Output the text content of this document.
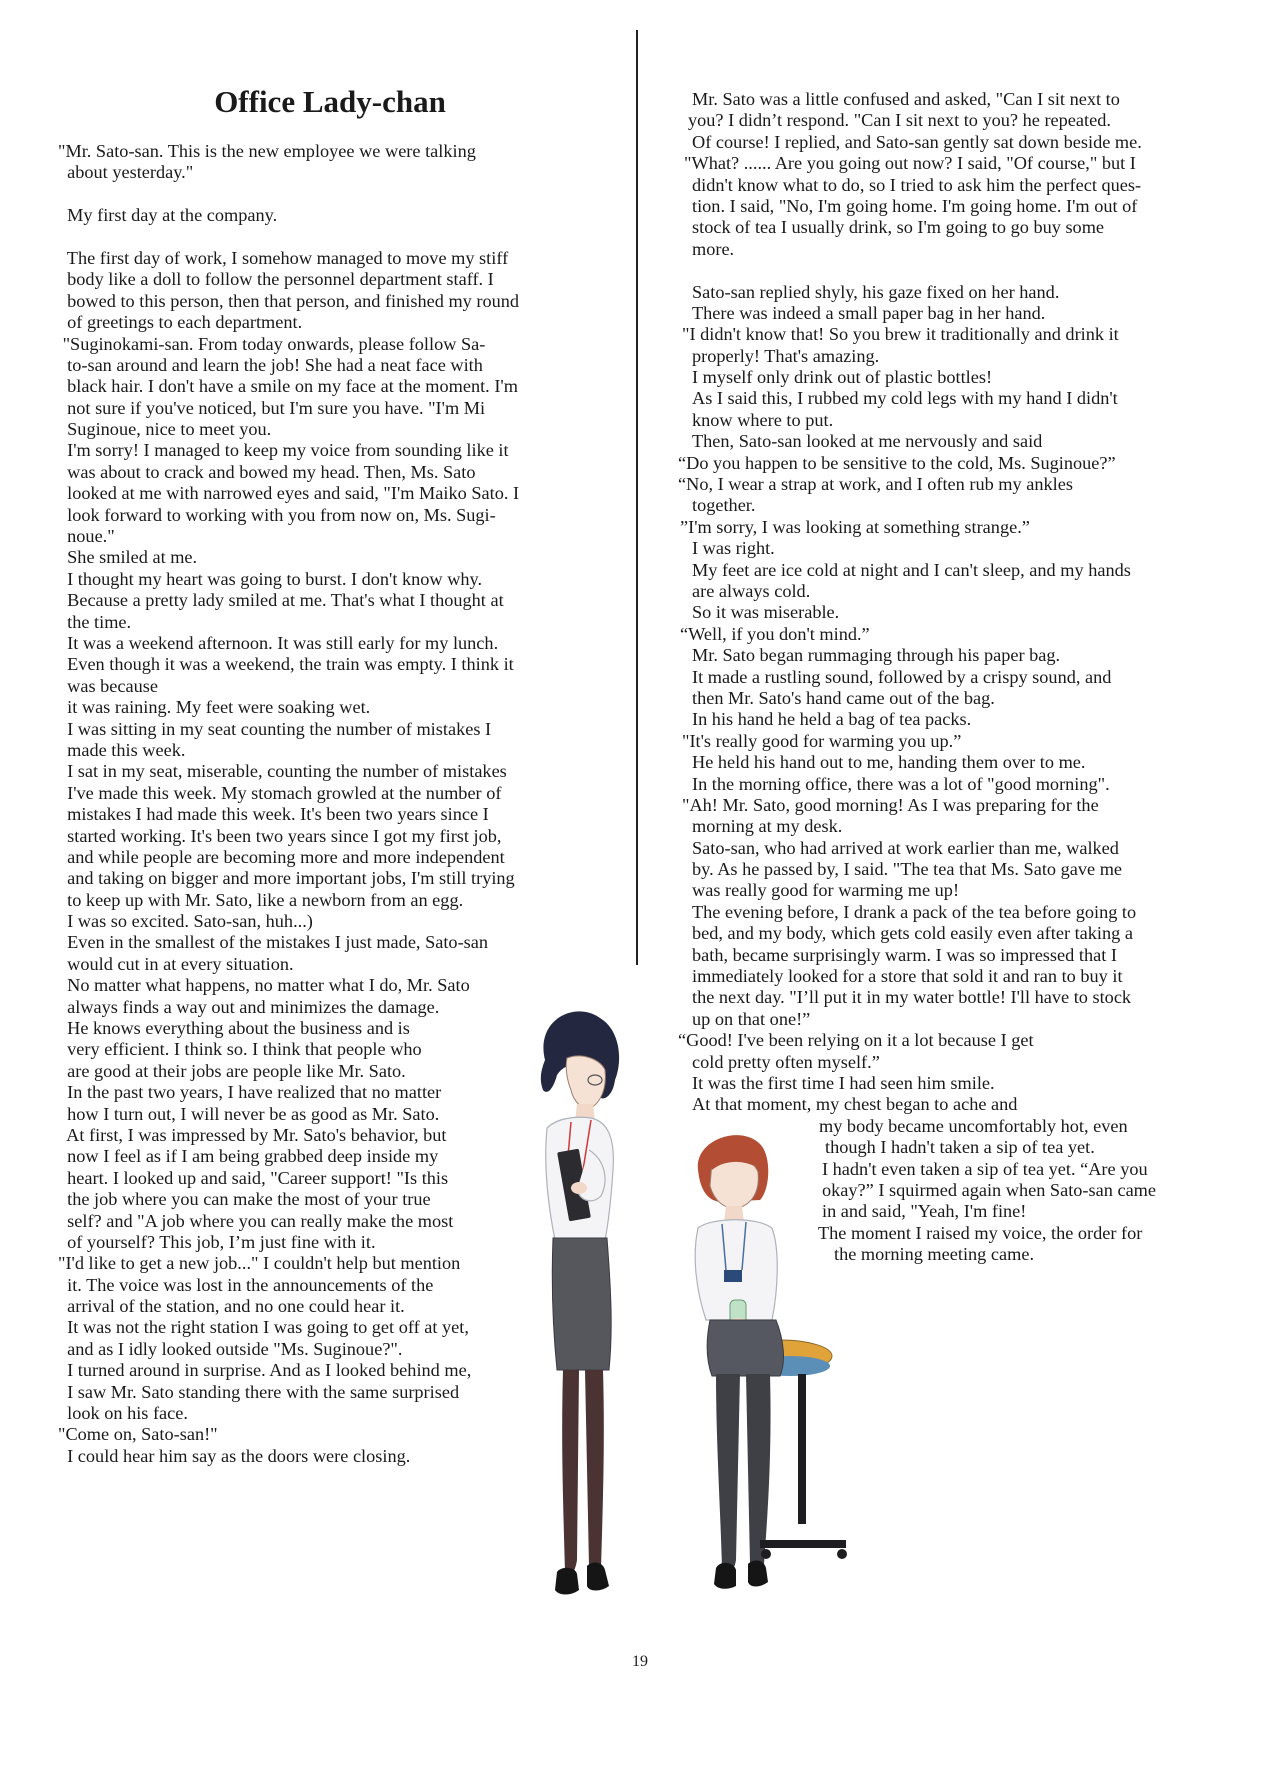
Office Lady-chan
"Mr. Sato-san. This is the new employee we were talking
about yesterday."
My first day at the company.
The first day of work, I somehow managed to move my stiff
body like a doll to follow the personnel department staff. I
bowed to this person, then that person, and finished my round
of greetings to each department.
"Suginokami-san. From today onwards, please follow Sa-
to-san around and learn the job! She had a neat face with
black hair. I don't have a smile on my face at the moment. I'm
not sure if you've noticed, but I'm sure you have. "I'm Mi
Suginoue, nice to meet you.
I'm sorry! I managed to keep my voice from sounding like it
was about to crack and bowed my head. Then, Ms. Sato
looked at me with narrowed eyes and said, "I'm Maiko Sato. I
look forward to working with you from now on, Ms. Sugi-
noue."
She smiled at me.
I thought my heart was going to burst. I don't know why.
Because a pretty lady smiled at me. That's what I thought at
the time.
It was a weekend afternoon. It was still early for my lunch.
Even though it was a weekend, the train was empty. I think it
was because
it was raining. My feet were soaking wet.
I was sitting in my seat counting the number of mistakes I
made this week.
I sat in my seat, miserable, counting the number of mistakes
I've made this week. My stomach growled at the number of
mistakes I had made this week. It's been two years since I
started working. It's been two years since I got my first job,
and while people are becoming more and more independent
and taking on bigger and more important jobs, I'm still trying
to keep up with Mr. Sato, like a newborn from an egg.
I was so excited. Sato-san, huh...)
Even in the smallest of the mistakes I just made, Sato-san
would cut in at every situation.
No matter what happens, no matter what I do, Mr. Sato
always finds a way out and minimizes the damage.
He knows everything about the business and is
very efficient. I think so. I think that people who
are good at their jobs are people like Mr. Sato.
In the past two years, I have realized that no matter
how I turn out, I will never be as good as Mr. Sato.
At first, I was impressed by Mr. Sato's behavior, but
now I feel as if I am being grabbed deep inside my
heart. I looked up and said, "Career support! "Is this
the job where you can make the most of your true
self? and "A job where you can really make the most
of yourself? This job, I’m just fine with it.
"I'd like to get a new job..." I couldn't help but mention
it. The voice was lost in the announcements of the
arrival of the station, and no one could hear it.
It was not the right station I was going to get off at yet,
and as I idly looked outside "Ms. Suginoue?".
I turned around in surprise. And as I looked behind me,
I saw Mr. Sato standing there with the same surprised
look on his face.
"Come on, Sato-san!"
I could hear him say as the doors were closing.
Mr. Sato was a little confused and asked, "Can I sit next to
you? I didn’t respond. "Can I sit next to you? he repeated.
Of course! I replied, and Sato-san gently sat down beside me.
"What? ...... Are you going out now? I said, "Of course," but I
didn't know what to do, so I tried to ask him the perfect ques-
tion. I said, "No, I'm going home. I'm going home. I'm out of
stock of tea I usually drink, so I'm going to go buy some
more.
Sato-san replied shyly, his gaze fixed on her hand.
There was indeed a small paper bag in her hand.
"I didn't know that! So you brew it traditionally and drink it
properly! That's amazing.
I myself only drink out of plastic bottles!
As I said this, I rubbed my cold legs with my hand I didn't
know where to put.
Then, Sato-san looked at me nervously and said
“Do you happen to be sensitive to the cold, Ms. Suginoue?”
“No, I wear a strap at work, and I often rub my ankles
together.
”I'm sorry, I was looking at something strange.”
I was right.
My feet are ice cold at night and I can't sleep, and my hands
are always cold.
So it was miserable.
“Well, if you don't mind.”
Mr. Sato began rummaging through his paper bag.
It made a rustling sound, followed by a crispy sound, and
then Mr. Sato's hand came out of the bag.
In his hand he held a bag of tea packs.
"It's really good for warming you up.”
He held his hand out to me, handing them over to me.
In the morning office, there was a lot of "good morning".
"Ah! Mr. Sato, good morning! As I was preparing for the
morning at my desk.
Sato-san, who had arrived at work earlier than me, walked
by. As he passed by, I said. "The tea that Ms. Sato gave me
was really good for warming me up!
The evening before, I drank a pack of the tea before going to
bed, and my body, which gets cold easily even after taking a
bath, became surprisingly warm. I was so impressed that I
immediately looked for a store that sold it and ran to buy it
the next day. "I’ll put it in my water bottle! I'll have to stock
up on that one!”
“Good! I've been relying on it a lot because I get
cold pretty often myself.”
It was the first time I had seen him smile.
At that moment, my chest began to ache and
my body became uncomfortably hot, even
though I hadn't taken a sip of tea yet.
I hadn't even taken a sip of tea yet. “Are you
okay?” I squirmed again when Sato-san came
in and said, "Yeah, I'm fine!
The moment I raised my voice, the order for
the morning meeting came.
19
